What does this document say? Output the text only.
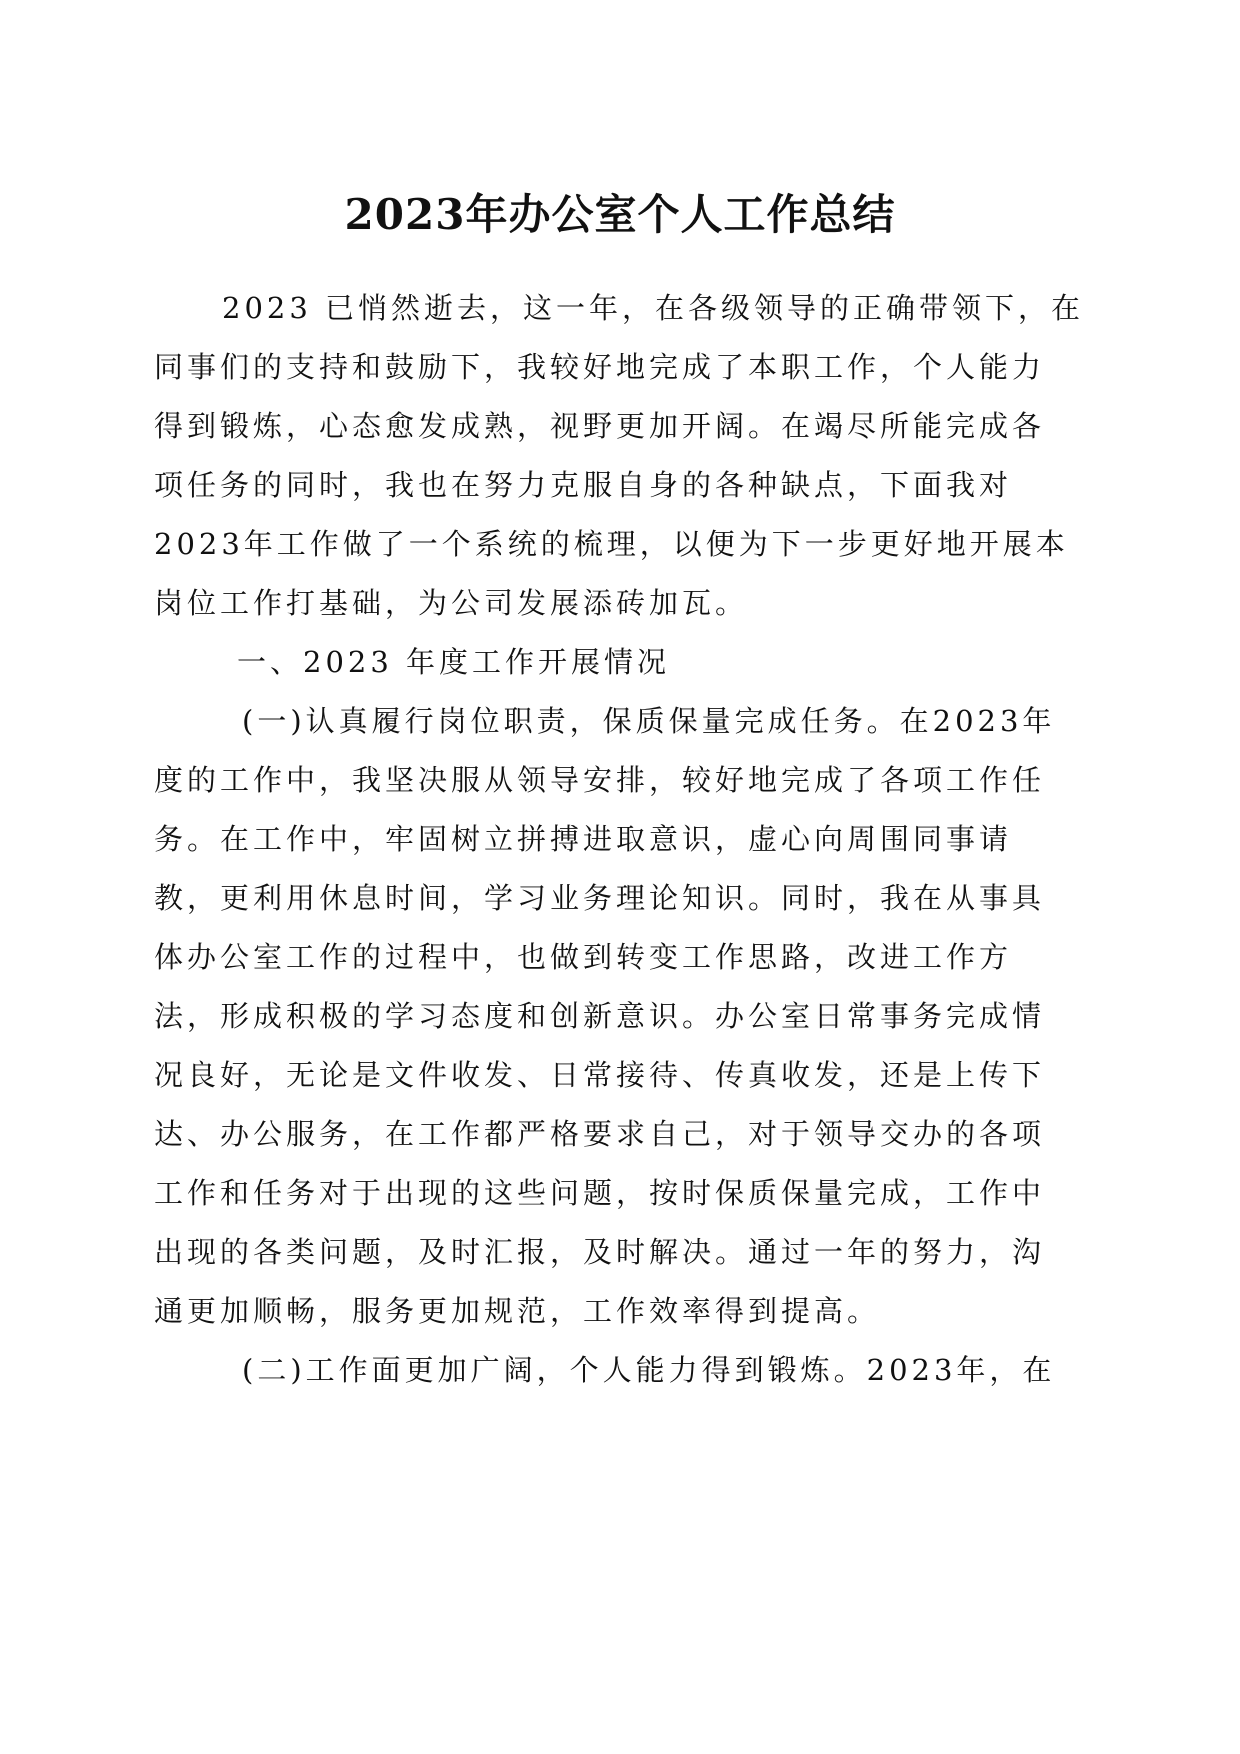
2023年办公室个人工作总结
2023 已悄然逝去，这一年，在各级领导的正确带领下，在
同事们的支持和鼓励下，我较好地完成了本职工作，个人能力
得到锻炼，心态愈发成熟，视野更加开阔。在竭尽所能完成各
项任务的同时，我也在努力克服自身的各种缺点，下面我对
2023年工作做了一个系统的梳理，以便为下一步更好地开展本
岗位工作打基础，为公司发展添砖加瓦。
一、2023 年度工作开展情况
(一)认真履行岗位职责，保质保量完成任务。在2023年
度的工作中，我坚决服从领导安排，较好地完成了各项工作任
务。在工作中，牢固树立拼搏进取意识，虚心向周围同事请
教，更利用休息时间，学习业务理论知识。同时，我在从事具
体办公室工作的过程中，也做到转变工作思路，改进工作方
法，形成积极的学习态度和创新意识。办公室日常事务完成情
况良好，无论是文件收发、日常接待、传真收发，还是上传下
达、办公服务，在工作都严格要求自己，对于领导交办的各项
工作和任务对于出现的这些问题，按时保质保量完成，工作中
出现的各类问题，及时汇报，及时解决。通过一年的努力，沟
通更加顺畅，服务更加规范，工作效率得到提高。
(二)工作面更加广阔，个人能力得到锻炼。2023年，在
